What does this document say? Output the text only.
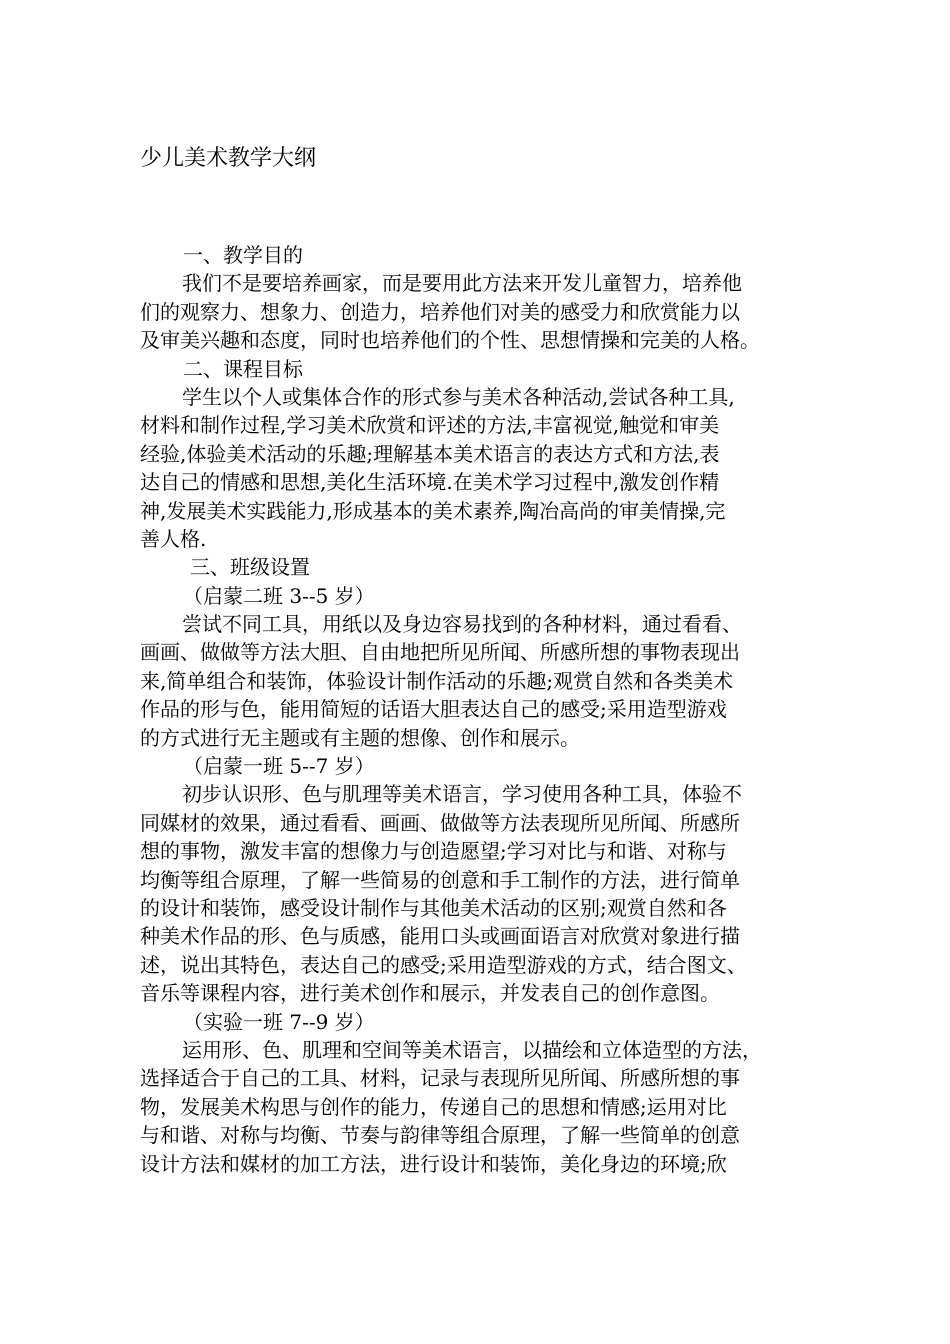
少儿美术教学大纲
一、教学目的
我们不是要培养画家，而是要用此方法来开发儿童智力，培养他
们的观察力、想象力、创造力，培养他们对美的感受力和欣赏能力以
及审美兴趣和态度，同时也培养他们的个性、思想情操和完美的人格。
二、课程目标
学生以个人或集体合作的形式参与美术各种活动,尝试各种工具,
材料和制作过程,学习美术欣赏和评述的方法,丰富视觉,触觉和审美
经验,体验美术活动的乐趣;理解基本美术语言的表达方式和方法,表
达自己的情感和思想,美化生活环境.在美术学习过程中,激发创作精
神,发展美术实践能力,形成基本的美术素养,陶冶高尚的审美情操,完
善人格.
三、班级设置
（启蒙二班 3--5 岁）
尝试不同工具，用纸以及身边容易找到的各种材料，通过看看、
画画、做做等方法大胆、自由地把所见所闻、所感所想的事物表现出
来,简单组合和装饰，体验设计制作活动的乐趣;观赏自然和各类美术
作品的形与色，能用简短的话语大胆表达自己的感受;采用造型游戏
的方式进行无主题或有主题的想像、创作和展示。
（启蒙一班 5--7 岁）
初步认识形、色与肌理等美术语言，学习使用各种工具，体验不
同媒材的效果，通过看看、画画、做做等方法表现所见所闻、所感所
想的事物，激发丰富的想像力与创造愿望;学习对比与和谐、对称与
均衡等组合原理，了解一些简易的创意和手工制作的方法，进行简单
的设计和装饰，感受设计制作与其他美术活动的区别;观赏自然和各
种美术作品的形、色与质感，能用口头或画面语言对欣赏对象进行描
述，说出其特色，表达自己的感受;采用造型游戏的方式，结合图文、
音乐等课程内容，进行美术创作和展示，并发表自己的创作意图。
（实验一班 7--9 岁）
运用形、色、肌理和空间等美术语言，以描绘和立体造型的方法，
选择适合于自己的工具、材料，记录与表现所见所闻、所感所想的事
物，发展美术构思与创作的能力，传递自己的思想和情感;运用对比
与和谐、对称与均衡、节奏与韵律等组合原理，了解一些简单的创意
设计方法和媒材的加工方法，进行设计和装饰，美化身边的环境;欣
